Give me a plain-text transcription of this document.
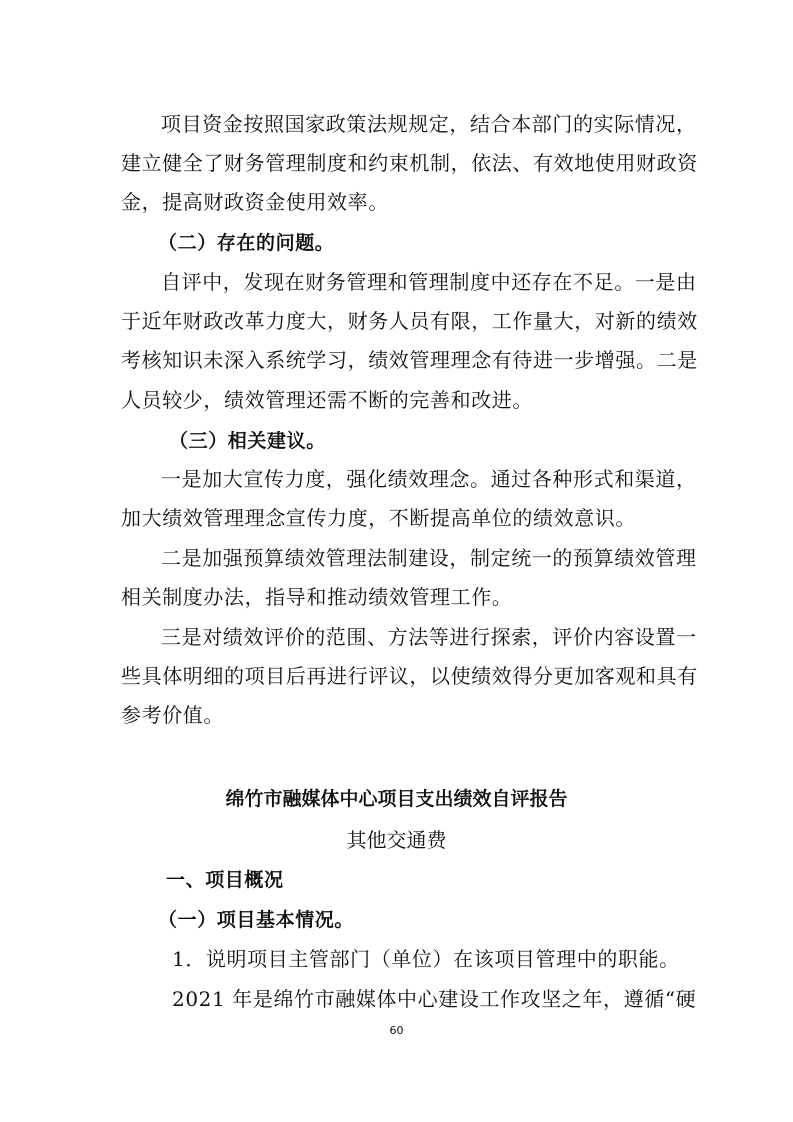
项目资金按照国家政策法规规定，结合本部门的实际情况，
建立健全了财务管理制度和约束机制，依法、有效地使用财政资
金，提高财政资金使用效率。
（二）存在的问题。
自评中，发现在财务管理和管理制度中还存在不足。一是由
于近年财政改革力度大，财务人员有限，工作量大，对新的绩效
考核知识未深入系统学习，绩效管理理念有待进一步增强。二是
人员较少，绩效管理还需不断的完善和改进。
（三）相关建议。
一是加大宣传力度，强化绩效理念。通过各种形式和渠道，
加大绩效管理理念宣传力度，不断提高单位的绩效意识。
二是加强预算绩效管理法制建设，制定统一的预算绩效管理
相关制度办法，指导和推动绩效管理工作。
三是对绩效评价的范围、方法等进行探索，评价内容设置一
些具体明细的项目后再进行评议，以使绩效得分更加客观和具有
参考价值。
绵竹市融媒体中心项目支出绩效自评报告
其他交通费
一、项目概况
（一）项目基本情况。
1．说明项目主管部门（单位）在该项目管理中的职能。
2021 年是绵竹市融媒体中心建设工作攻坚之年，遵循“硬
60
